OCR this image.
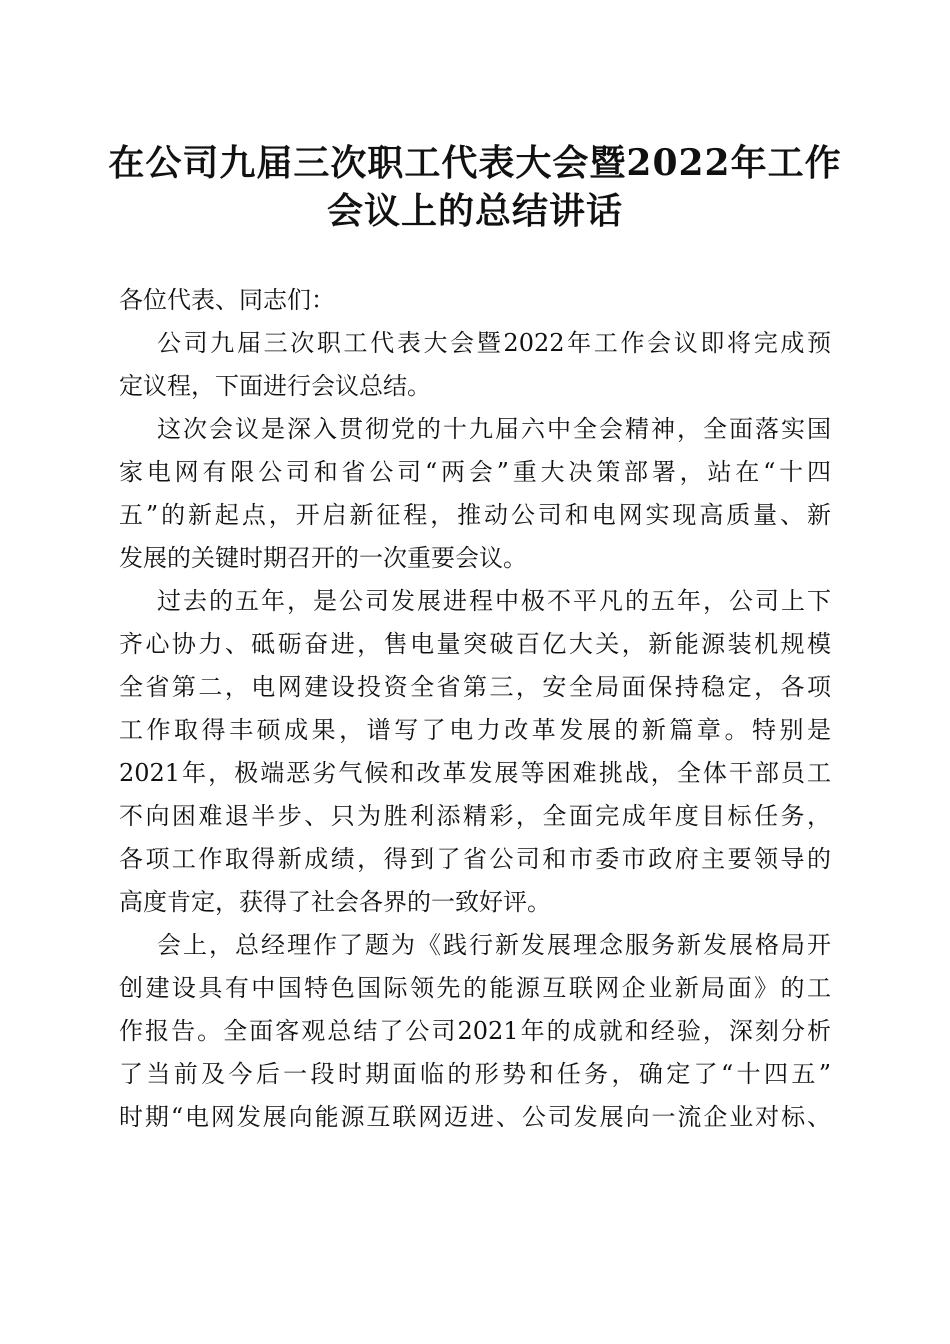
在公司九届三次职工代表大会暨2022年工作
会议上的总结讲话
各位代表、同志们：
公司九届三次职工代表大会暨2022年工作会议即将完成预
定议程，下面进行会议总结。
这次会议是深入贯彻党的十九届六中全会精神，全面落实国
家电网有限公司和省公司“两会”重大决策部署，站在“十四
五”的新起点，开启新征程，推动公司和电网实现高质量、新
发展的关键时期召开的一次重要会议。
过去的五年，是公司发展进程中极不平凡的五年，公司上下
齐心协力、砥砺奋进，售电量突破百亿大关，新能源装机规模
全省第二，电网建设投资全省第三，安全局面保持稳定，各项
工作取得丰硕成果，谱写了电力改革发展的新篇章。特别是
2021年，极端恶劣气候和改革发展等困难挑战，全体干部员工
不向困难退半步、只为胜利添精彩，全面完成年度目标任务，
各项工作取得新成绩，得到了省公司和市委市政府主要领导的
高度肯定，获得了社会各界的一致好评。
会上，总经理作了题为《践行新发展理念服务新发展格局开
创建设具有中国特色国际领先的能源互联网企业新局面》的工
作报告。全面客观总结了公司2021年的成就和经验，深刻分析
了当前及今后一段时期面临的形势和任务，确定了“十四五”
时期“电网发展向能源互联网迈进、公司发展向一流企业对标、
